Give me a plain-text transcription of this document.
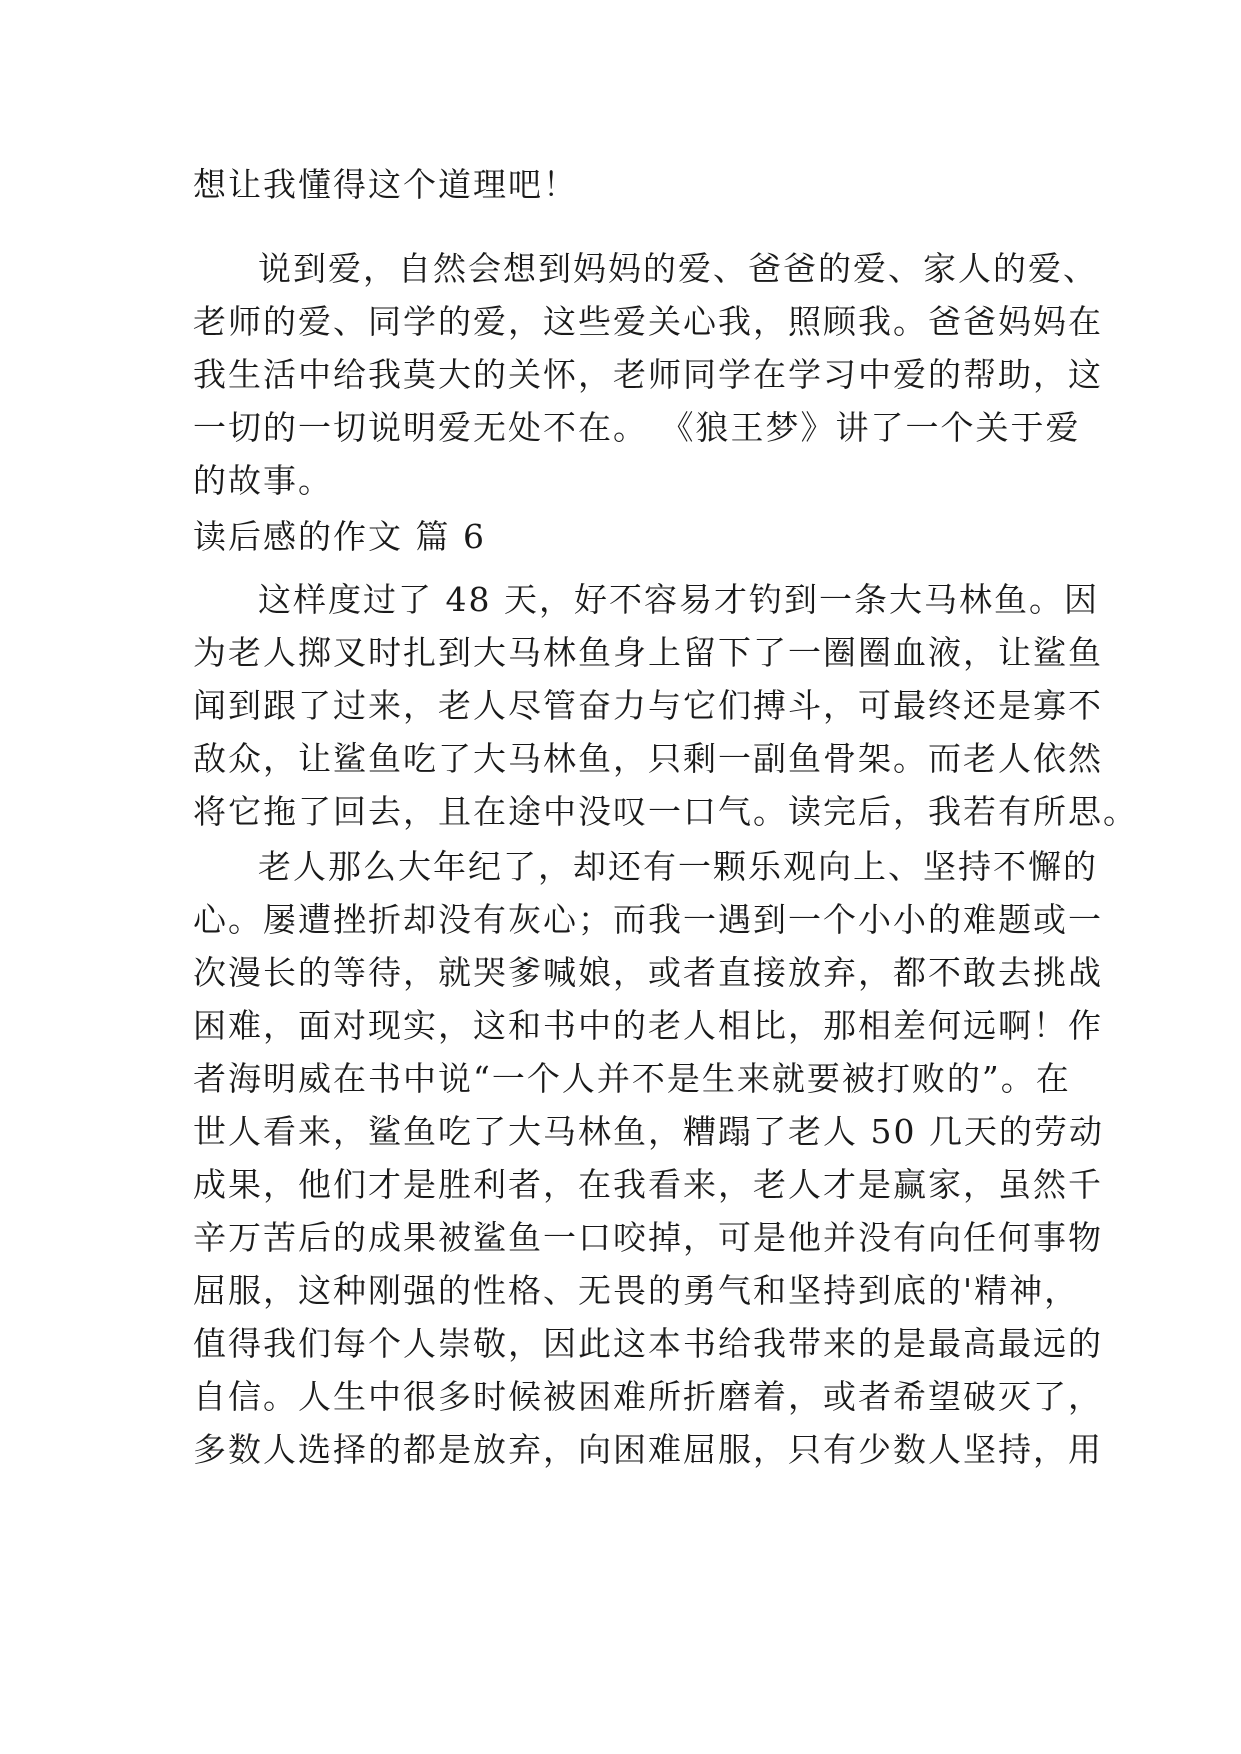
想让我懂得这个道理吧！
说到爱，自然会想到妈妈的爱、爸爸的爱、家人的爱、
老师的爱、同学的爱，这些爱关心我，照顾我。爸爸妈妈在
我生活中给我莫大的关怀，老师同学在学习中爱的帮助，这
一切的一切说明爱无处不在。 《狼王梦》讲了一个关于爱
的故事。
读后感的作文 篇 6
这样度过了 48 天，好不容易才钓到一条大马林鱼。因
为老人掷叉时扎到大马林鱼身上留下了一圈圈血液，让鲨鱼
闻到跟了过来，老人尽管奋力与它们搏斗，可最终还是寡不
敌众，让鲨鱼吃了大马林鱼，只剩一副鱼骨架。而老人依然
将它拖了回去，且在途中没叹一口气。读完后，我若有所思。
老人那么大年纪了，却还有一颗乐观向上、坚持不懈的
心。屡遭挫折却没有灰心；而我一遇到一个小小的难题或一
次漫长的等待，就哭爹喊娘，或者直接放弃，都不敢去挑战
困难，面对现实，这和书中的老人相比，那相差何远啊！作
者海明威在书中说“一个人并不是生来就要被打败的”。在
世人看来，鲨鱼吃了大马林鱼，糟蹋了老人 50 几天的劳动
成果，他们才是胜利者，在我看来，老人才是赢家，虽然千
辛万苦后的成果被鲨鱼一口咬掉，可是他并没有向任何事物
屈服，这种刚强的性格、无畏的勇气和坚持到底的'精神，
值得我们每个人崇敬，因此这本书给我带来的是最高最远的
自信。人生中很多时候被困难所折磨着，或者希望破灭了，
多数人选择的都是放弃，向困难屈服，只有少数人坚持，用
